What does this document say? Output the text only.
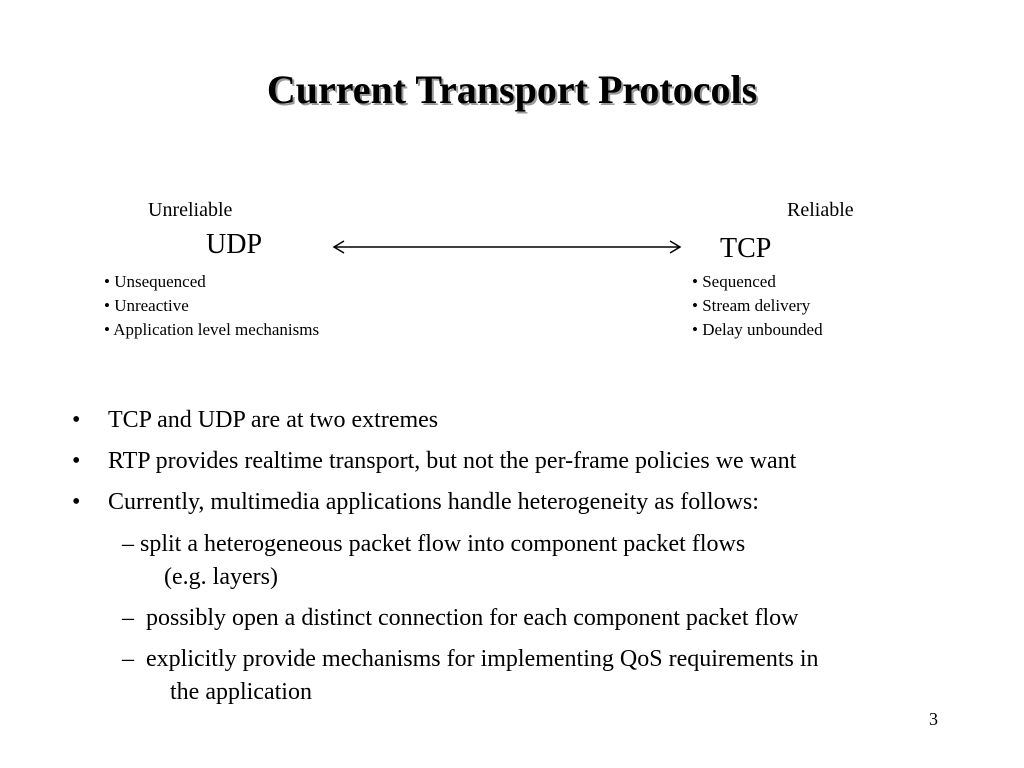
Current Transport Protocols
Unreliable	Reliable
UDP	TCP
• Unsequenced
• Unreactive
• Application level mechanisms
• Sequenced
• Stream delivery
• Delay unbounded
• TCP and UDP are at two extremes
• RTP provides realtime transport, but not the per-frame policies we want
• Currently, multimedia applications handle heterogeneity as follows:
– split a heterogeneous packet flow into component packet flows
(e.g. layers)
– possibly open a distinct connection for each component packet flow
– explicitly provide mechanisms for implementing QoS requirements in
the application
3
